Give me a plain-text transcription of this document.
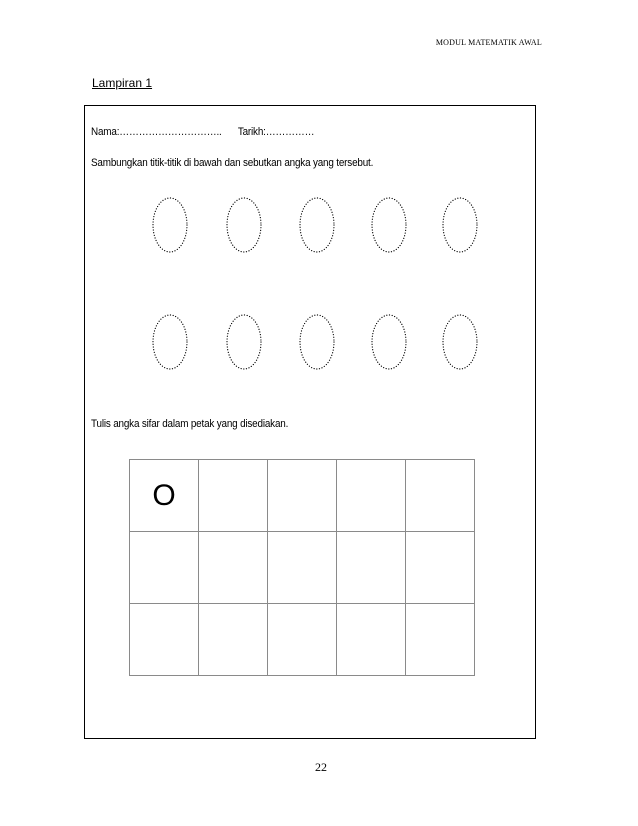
MODUL MATEMATIK AWAL
Lampiran 1
Nama:………………………….. Tarikh:……………
Sambungkan titik-titik di bawah dan sebutkan angka yang tersebut.
Tulis angka sifar dalam petak yang disediakan.
O				

22
